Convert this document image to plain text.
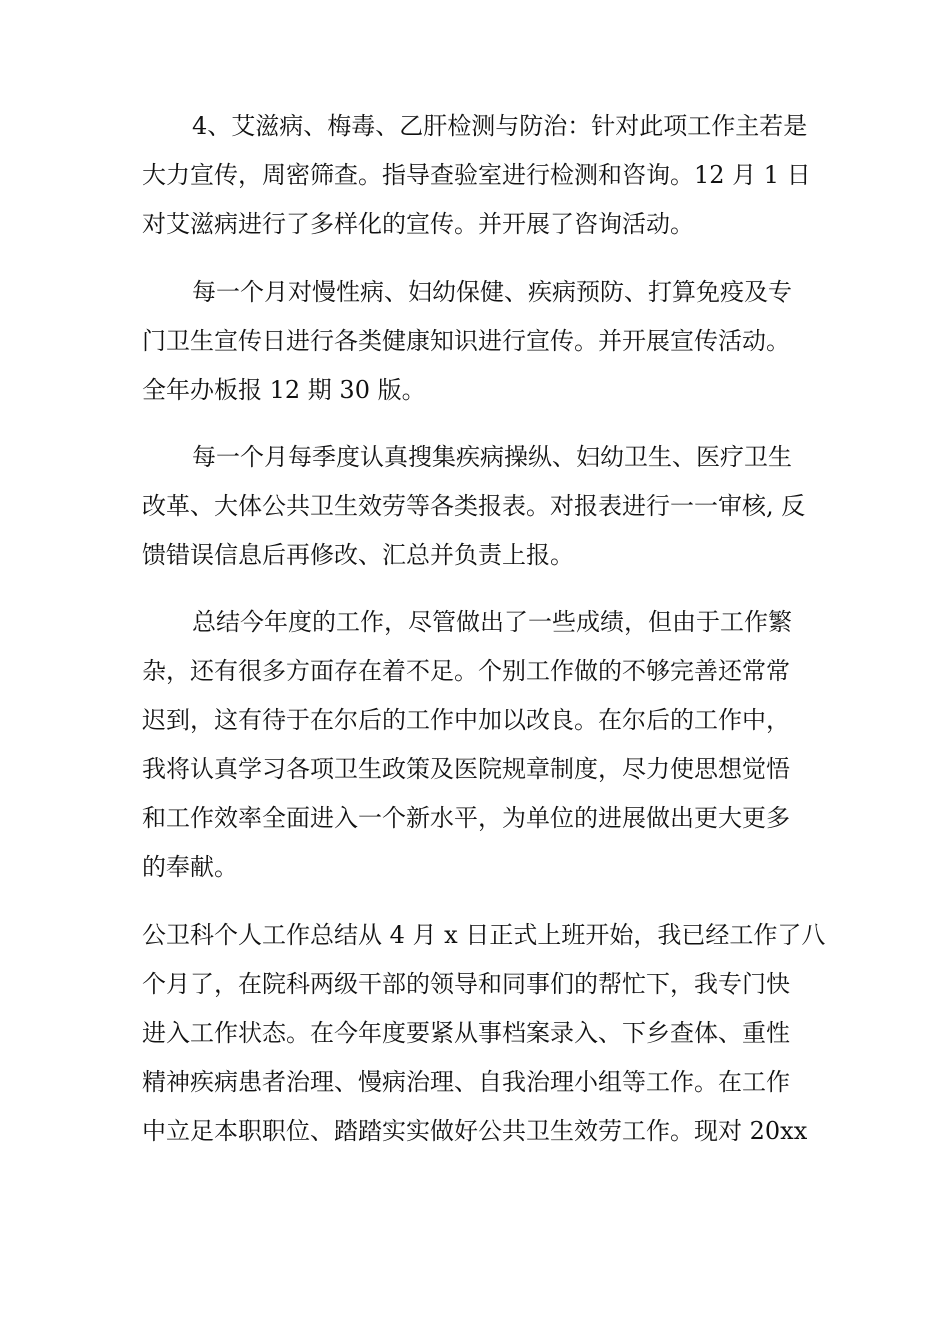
4、艾滋病、梅毒、乙肝检测与防治：针对此项工作主若是
大力宣传，周密筛查。指导查验室进行检测和咨询。12 月 1 日
对艾滋病进行了多样化的宣传。并开展了咨询活动。

每一个月对慢性病、妇幼保健、疾病预防、打算免疫及专
门卫生宣传日进行各类健康知识进行宣传。并开展宣传活动。
全年办板报 12 期 30 版。

每一个月每季度认真搜集疾病操纵、妇幼卫生、医疗卫生
改革、大体公共卫生效劳等各类报表。对报表进行一一审核, 反
馈错误信息后再修改、汇总并负责上报。

总结今年度的工作，尽管做出了一些成绩，但由于工作繁
杂，还有很多方面存在着不足。个别工作做的不够完善还常常
迟到，这有待于在尔后的工作中加以改良。在尔后的工作中，
我将认真学习各项卫生政策及医院规章制度，尽力使思想觉悟
和工作效率全面进入一个新水平，为单位的进展做出更大更多
的奉献。

公卫科个人工作总结从 4 月 x 日正式上班开始，我已经工作了八
个月了，在院科两级干部的领导和同事们的帮忙下，我专门快
进入工作状态。在今年度要紧从事档案录入、下乡查体、重性
精神疾病患者治理、慢病治理、自我治理小组等工作。在工作
中立足本职职位、踏踏实实做好公共卫生效劳工作。现对 20xx
